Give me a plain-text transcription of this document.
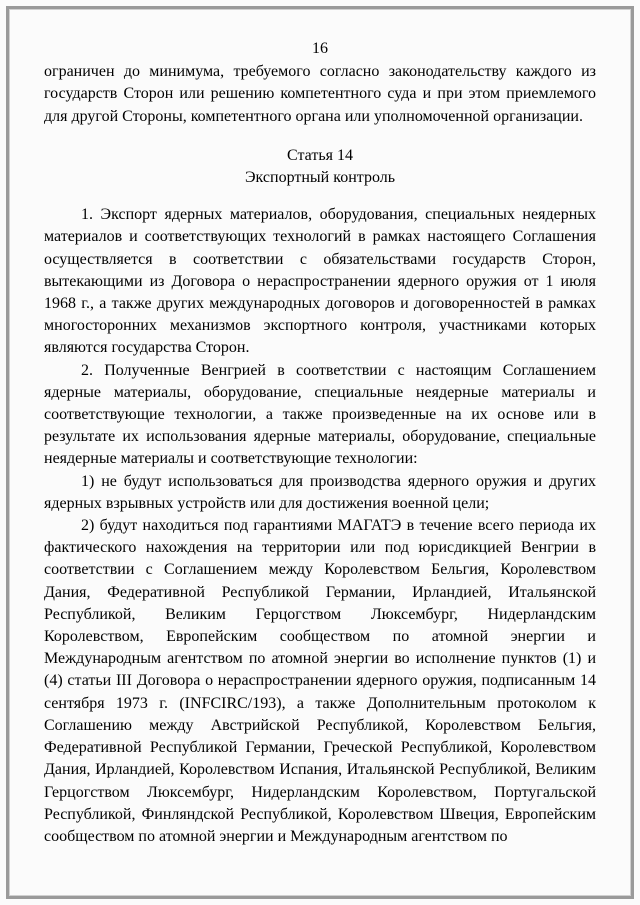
16

ограничен до минимума, требуемого согласно законодательству каждого из государств Сторон или решению компетентного суда и при этом приемлемого для другой Стороны, компетентного органа или уполномоченной организации.

Статья 14
Экспортный контроль

1. Экспорт ядерных материалов, оборудования, специальных неядерных материалов и соответствующих технологий в рамках настоящего Соглашения осуществляется в соответствии с обязательствами государств Сторон, вытекающими из Договора о нераспространении ядерного оружия от 1 июля 1968 г., а также других международных договоров и договоренностей в рамках многосторонних механизмов экспортного контроля, участниками которых являются государства Сторон.

2. Полученные Венгрией в соответствии с настоящим Соглашением ядерные материалы, оборудование, специальные неядерные материалы и соответствующие технологии, а также произведенные на их основе или в результате их использования ядерные материалы, оборудование, специальные неядерные материалы и соответствующие технологии:

1) не будут использоваться для производства ядерного оружия и других ядерных взрывных устройств или для достижения военной цели;

2) будут находиться под гарантиями МАГАТЭ в течение всего периода их фактического нахождения на территории или под юрисдикцией Венгрии в соответствии с Соглашением между Королевством Бельгия, Королевством Дания, Федеративной Республикой Германии, Ирландией, Итальянской Республикой, Великим Герцогством Люксембург, Нидерландским Королевством, Европейским сообществом по атомной энергии и Международным агентством по атомной энергии во исполнение пунктов (1) и (4) статьи III Договора о нераспространении ядерного оружия, подписанным 14 сентября 1973 г. (INFCIRC/193), а также Дополнительным протоколом к Соглашению между Австрийской Республикой, Королевством Бельгия, Федеративной Республикой Германии, Греческой Республикой, Королевством Дания, Ирландией, Королевством Испания, Итальянской Республикой, Великим Герцогством Люксембург, Нидерландским Королевством, Португальской Республикой, Финляндской Республикой, Королевством Швеция, Европейским сообществом по атомной энергии и Международным агентством по
